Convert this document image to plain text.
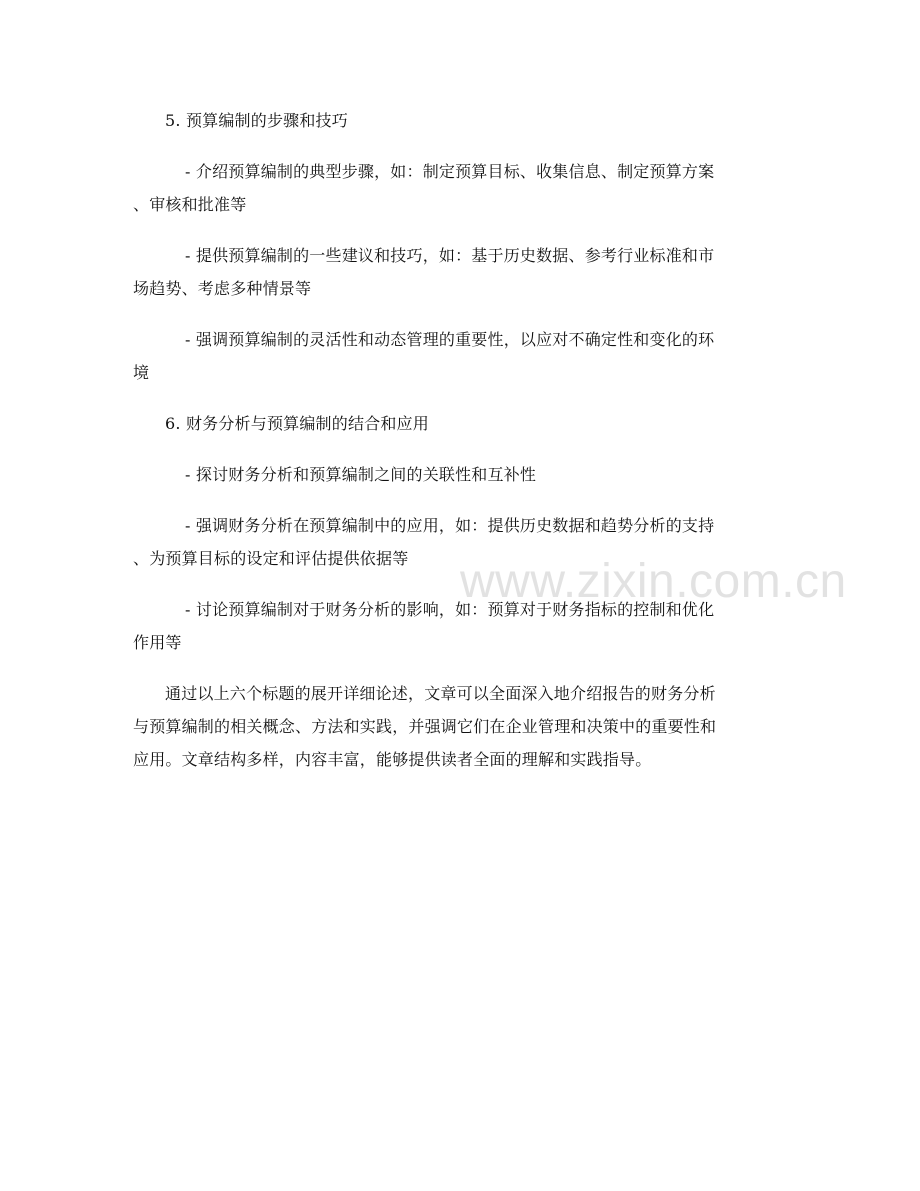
5. 预算编制的步骤和技巧
- 介绍预算编制的典型步骤，如：制定预算目标、收集信息、制定预算方案
、审核和批准等
- 提供预算编制的一些建议和技巧，如：基于历史数据、参考行业标准和市
场趋势、考虑多种情景等
- 强调预算编制的灵活性和动态管理的重要性，以应对不确定性和变化的环
境
6. 财务分析与预算编制的结合和应用
- 探讨财务分析和预算编制之间的关联性和互补性
- 强调财务分析在预算编制中的应用，如：提供历史数据和趋势分析的支持
、为预算目标的设定和评估提供依据等
- 讨论预算编制对于财务分析的影响，如：预算对于财务指标的控制和优化
作用等
通过以上六个标题的展开详细论述，文章可以全面深入地介绍报告的财务分析
与预算编制的相关概念、方法和实践，并强调它们在企业管理和决策中的重要性和
应用。文章结构多样，内容丰富，能够提供读者全面的理解和实践指导。
www.zixin.com.cn
